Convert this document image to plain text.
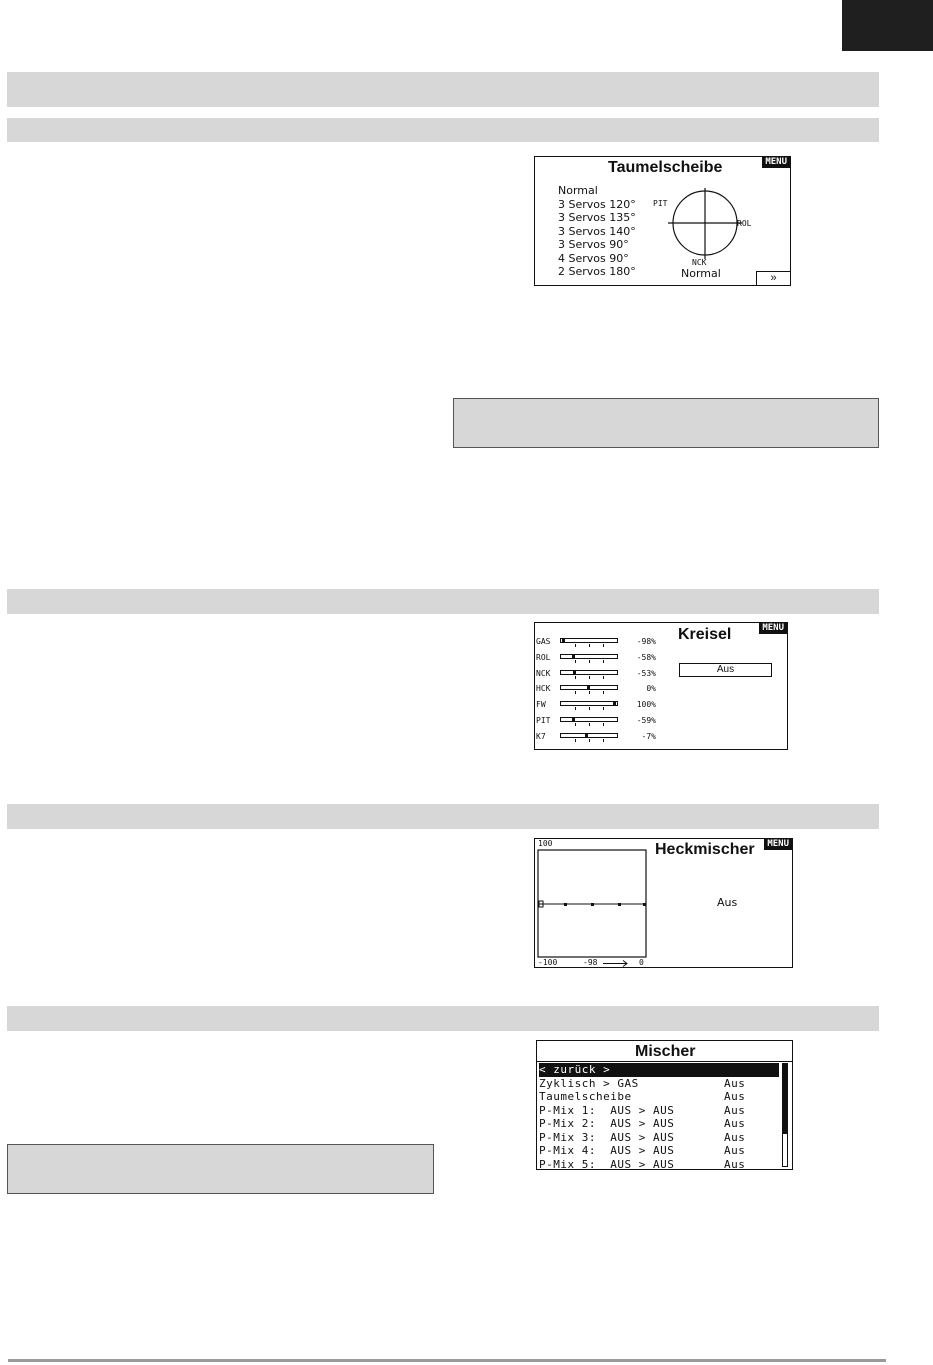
Taumelscheibe	MENU
Normal
3 Servos 120°
3 Servos 135°
3 Servos 140°
3 Servos 90°
4 Servos 90°
2 Servos 180°
PIT
ROL
NCK
Normal	»
Kreisel	MENU
Aus
GAS	-98%
ROL	-58%
NCK	-53%
HCK	0%
FW	100%
PIT	-59%
K7	-7%
Heckmischer	MENU
100
-100	-98	0
Aus
Mischer
< zurück >
Zyklisch > GAS	Aus
Taumelscheibe	Aus
P-Mix 1:  AUS > AUS	Aus
P-Mix 2:  AUS > AUS	Aus
P-Mix 3:  AUS > AUS	Aus
P-Mix 4:  AUS > AUS	Aus
P-Mix 5:  AUS > AUS	Aus
